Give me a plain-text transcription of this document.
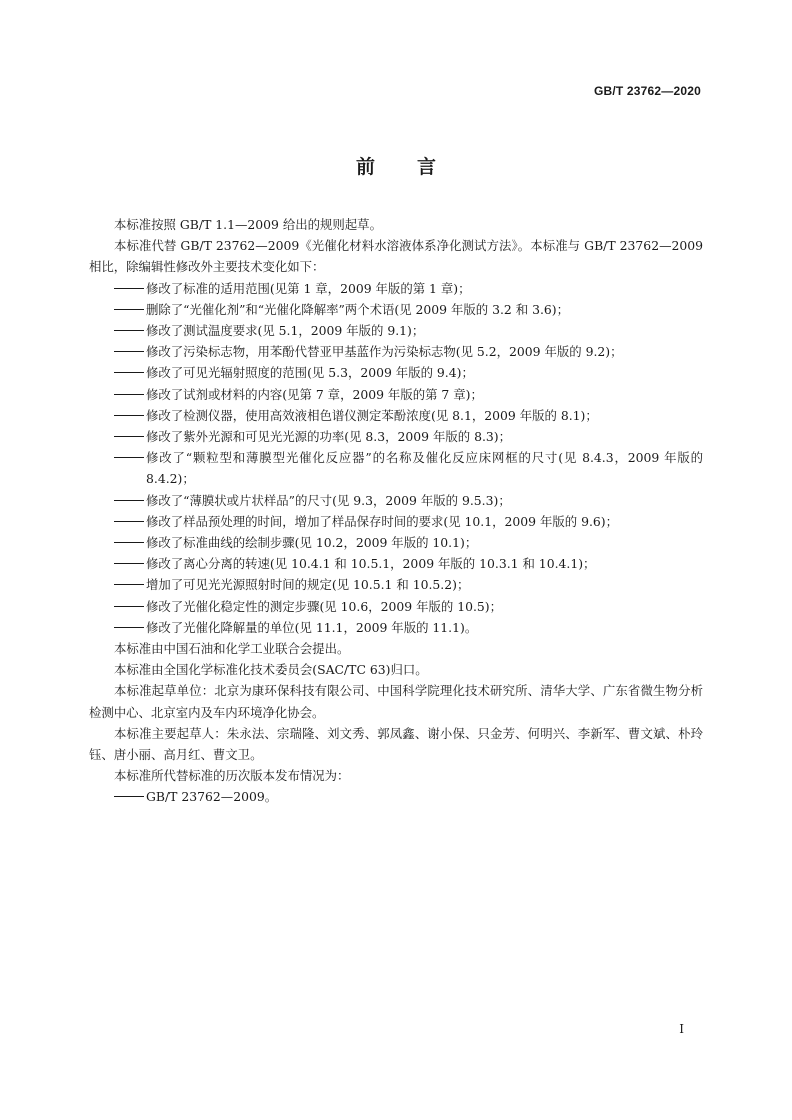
GB/T 23762—2020
前言

本标准按照 GB/T 1.1—2009 给出的规则起草。

本标准代替 GB/T 23762—2009《光催化材料水溶液体系净化测试方法》。本标准与 GB/T 23762—2009 相比，除编辑性修改外主要技术变化如下：

修改了标准的适用范围(见第 1 章，2009 年版的第 1 章)；
删除了“光催化剂”和“光催化降解率”两个术语(见 2009 年版的 3.2 和 3.6)；
修改了测试温度要求(见 5.1，2009 年版的 9.1)；
修改了污染标志物，用苯酚代替亚甲基蓝作为污染标志物(见 5.2，2009 年版的 9.2)；
修改了可见光辐射照度的范围(见 5.3，2009 年版的 9.4)；
修改了试剂或材料的内容(见第 7 章，2009 年版的第 7 章)；
修改了检测仪器，使用高效液相色谱仪测定苯酚浓度(见 8.1，2009 年版的 8.1)；
修改了紫外光源和可见光光源的功率(见 8.3，2009 年版的 8.3)；
修改了“颗粒型和薄膜型光催化反应器”的名称及催化反应床网框的尺寸(见 8.4.3，2009 年版的 8.4.2)；
修改了“薄膜状或片状样品”的尺寸(见 9.3，2009 年版的 9.5.3)；
修改了样品预处理的时间，增加了样品保存时间的要求(见 10.1，2009 年版的 9.6)；
修改了标准曲线的绘制步骤(见 10.2，2009 年版的 10.1)；
修改了离心分离的转速(见 10.4.1 和 10.5.1，2009 年版的 10.3.1 和 10.4.1)；
增加了可见光光源照射时间的规定(见 10.5.1 和 10.5.2)；
修改了光催化稳定性的测定步骤(见 10.6，2009 年版的 10.5)；
修改了光催化降解量的单位(见 11.1，2009 年版的 11.1)。

本标准由中国石油和化学工业联合会提出。

本标准由全国化学标准化技术委员会(SAC/TC 63)归口。

本标准起草单位：北京为康环保科技有限公司、中国科学院理化技术研究所、清华大学、广东省微生物分析检测中心、北京室内及车内环境净化协会。

本标准主要起草人：朱永法、宗瑞隆、刘文秀、郭凤鑫、谢小保、只金芳、何明兴、李新军、曹文斌、朴玲钰、唐小丽、高月红、曹文卫。

本标准所代替标准的历次版本发布情况为：

GB/T 23762—2009。
I
